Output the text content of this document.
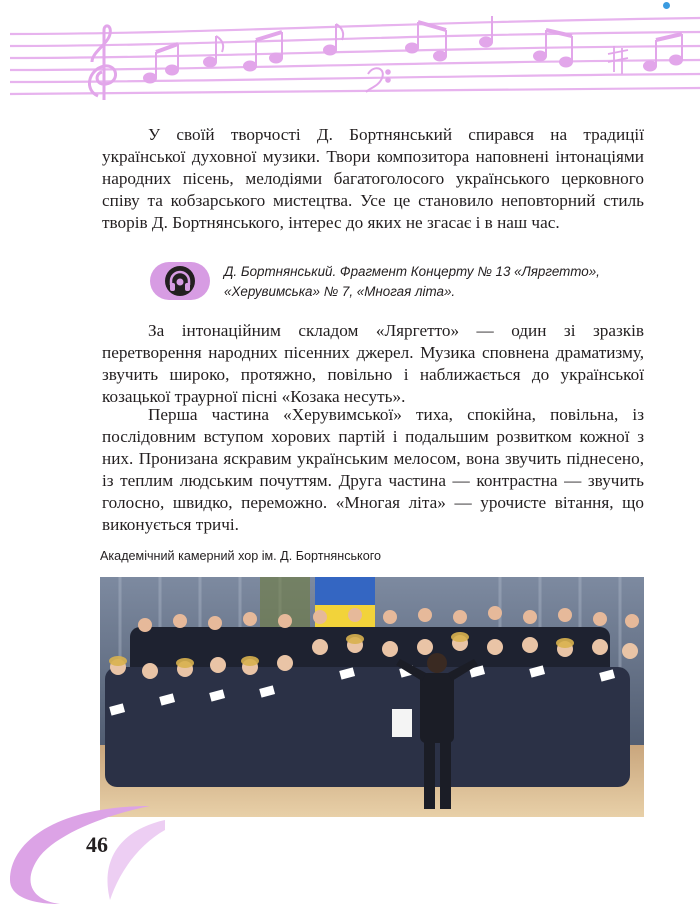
У своїй творчості Д. Бортнянський спирався на традиції української духовної музики. Твори композитора наповнені інтонаціями народних пісень, мелодіями багатоголосого українського церковного співу та кобзарського мистецтва. Усе це становило неповторний стиль творів Д. Бортнянського, інтерес до яких не згасає і в наш час.

Д. Бортнянський. Фрагмент Концерту № 13 «Ляргетто»,
«Херувимська» № 7, «Многая літа».

За інтонаційним складом «Ляргетто» — один зі зразків перетворення народних пісенних джерел. Музика сповнена драматизму, звучить широко, протяжно, повільно і наближається до української козацької траурної пісні «Козака несуть».

Перша частина «Херувимської» тиха, спокійна, повільна, із послідовним вступом хорових партій і подальшим розвитком кожної з них. Пронизана яскравим українським мелосом, вона звучить піднесено, із теплим людським почуттям. Друга частина — контрастна — звучить голосно, швидко, переможно. «Многая літа» — урочисте вітання, що виконується тричі.

Академічний камерний хор ім. Д. Бортнянського
46
